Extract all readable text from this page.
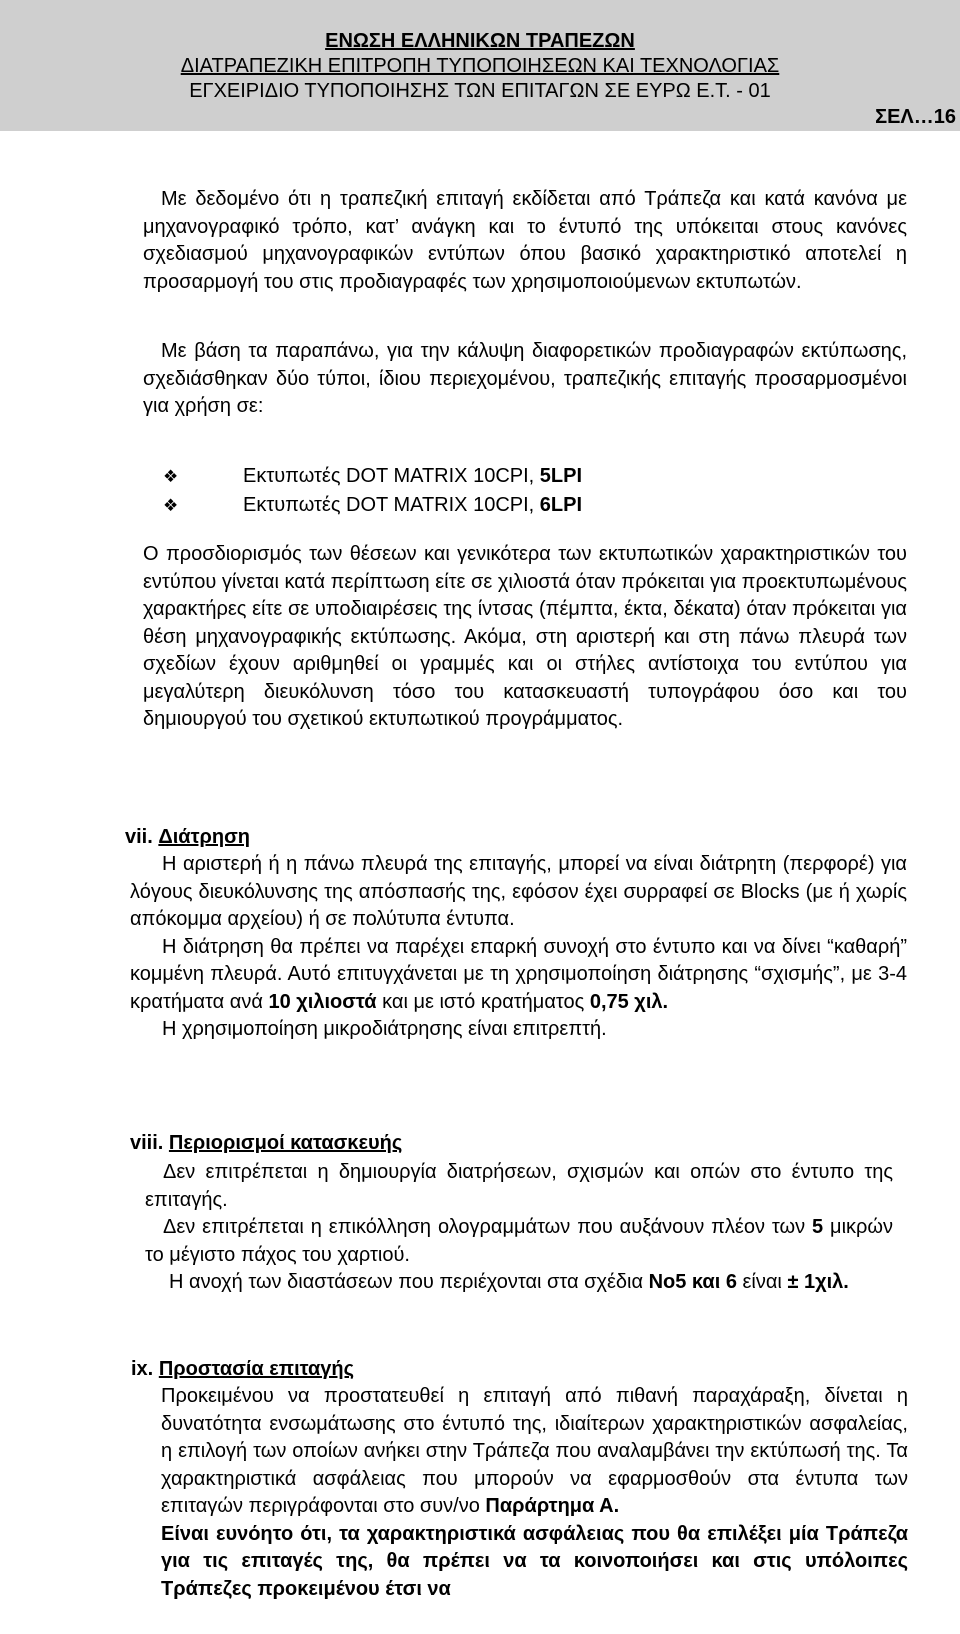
ΕΝΩΣΗ ΕΛΛΗΝΙΚΩΝ ΤΡΑΠΕΖΩΝ
ΔΙΑΤΡΑΠΕΖΙΚΗ ΕΠΙΤΡΟΠΗ ΤΥΠΟΠΟΙΗΣΕΩΝ ΚΑΙ ΤΕΧΝΟΛΟΓΙΑΣ
ΕΓΧΕΙΡΙΔΙΟ ΤΥΠΟΠΟΙΗΣΗΣ ΤΩΝ ΕΠΙΤΑΓΩΝ ΣΕ ΕΥΡΩ Ε.Τ. - 01
ΣΕΛ…16

Με δεδομένο ότι η τραπεζική επιταγή εκδίδεται από Τράπεζα και κατά κανόνα με μηχανογραφικό τρόπο, κατ’ ανάγκη και το έντυπό της υπόκειται στους κανόνες σχεδιασμού μηχανογραφικών εντύπων όπου βασικό χαρακτηριστικό αποτελεί η προσαρμογή του στις προδιαγραφές των χρησιμοποιούμενων εκτυπωτών.

Με βάση τα παραπάνω, για την κάλυψη διαφορετικών προδιαγραφών εκτύπωσης, σχεδιάσθηκαν δύο τύποι, ίδιου περιεχομένου, τραπεζικής επιταγής προσαρμοσμένοι για χρήση σε:

❖	Εκτυπωτές DOT MATRIX 10CPI, 5LPI
❖	Εκτυπωτές DOT MATRIX 10CPI, 6LPI

Ο προσδιορισμός των θέσεων και γενικότερα των εκτυπωτικών χαρακτηριστικών του εντύπου γίνεται κατά περίπτωση είτε σε χιλιοστά όταν πρόκειται για προεκτυπωμένους χαρακτήρες είτε σε υποδιαιρέσεις της ίντσας (πέμπτα, έκτα, δέκατα) όταν πρόκειται για θέση μηχανογραφικής εκτύπωσης. Ακόμα, στη αριστερή και στη πάνω πλευρά των σχεδίων έχουν αριθμηθεί οι γραμμές και οι στήλες αντίστοιχα του εντύπου για μεγαλύτερη διευκόλυνση τόσο του κατασκευαστή τυπογράφου όσο και του δημιουργού του σχετικού εκτυπωτικού προγράμματος.

vii. Διάτρηση

Η αριστερή ή η πάνω πλευρά της επιταγής, μπορεί να είναι διάτρητη (περφορέ) για λόγους διευκόλυνσης της απόσπασής της, εφόσον έχει συρραφεί σε Blocks (με ή χωρίς απόκομμα αρχείου) ή σε πολύτυπα έντυπα.

Η διάτρηση θα πρέπει να παρέχει επαρκή συνοχή στο έντυπο και να δίνει “καθαρή” κομμένη πλευρά. Αυτό επιτυγχάνεται με τη χρησιμοποίηση διάτρησης “σχισμής”, με 3-4 κρατήματα ανά 10 χιλιοστά και με ιστό κρατήματος 0,75 χιλ.

Η χρησιμοποίηση μικροδιάτρησης είναι επιτρεπτή.

viii. Περιορισμοί κατασκευής

Δεν επιτρέπεται η δημιουργία διατρήσεων, σχισμών και οπών στο έντυπο της επιταγής.

Δεν επιτρέπεται η επικόλληση ολογραμμάτων που αυξάνουν πλέον των 5 μικρών το μέγιστο πάχος του χαρτιού.

Η ανοχή των διαστάσεων που περιέχονται στα σχέδια No5 και 6 είναι ± 1χιλ.

ix. Προστασία επιταγής

Προκειμένου να προστατευθεί η επιταγή από πιθανή παραχάραξη, δίνεται η δυνατότητα ενσωμάτωσης στο έντυπό της, ιδιαίτερων χαρακτηριστικών ασφαλείας, η επιλογή των οποίων ανήκει στην Τράπεζα που αναλαμβάνει την εκτύπωσή της. Τα χαρακτηριστικά ασφάλειας που μπορούν να εφαρμοσθούν στα έντυπα των επιταγών περιγράφονται στο συν/νο Παράρτημα Α.

Είναι ευνόητο ότι, τα χαρακτηριστικά ασφάλειας που θα επιλέξει μία Τράπεζα για τις επιταγές της, θα πρέπει να τα κοινοποιήσει και στις υπόλοιπες Τράπεζες προκειμένου έτσι να
